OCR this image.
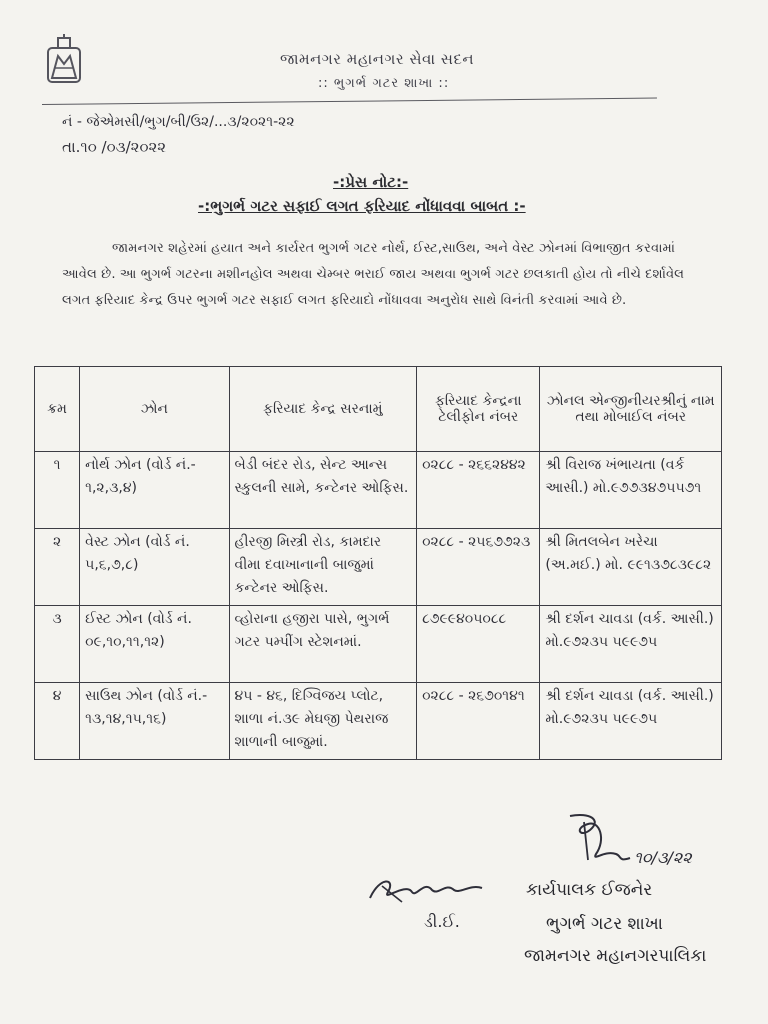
જામનગર મહાનગર સેવા સદન
:: ભુગર્ભ ગટર શાખા ::
નં - જેએમસી/ભુગ/બી/ઉ૨/...૩/૨૦૨૧-૨૨
તા.૧૦ /૦૩/૨૦૨૨
-:પ્રેસ નોટ:-
-:ભુગર્ભ ગટર સફાઈ લગત ફરિયાદ નોંધાવવા બાબત :-

જામનગર શહેરમાં હયાત અને કાર્યરત ભુગર્ભ ગટર નોર્થ, ઈસ્ટ,સાઉથ, અને વેસ્ટ ઝોનમાં વિભાજીત કરવામાં આવેલ છે. આ ભુગર્ભ ગટરના મશીનહોલ અથવા ચેમ્બર ભરાઈ જાય અથવા ભુગર્ભ ગટર છલકાતી હોય તો નીચે દર્શાવેલ લગત ફરિયાદ કેન્દ્ર ઉપર ભુગર્ભ ગટર સફાઈ લગત ફરિયાદો નોંધાવવા અનુરોધ સાથે વિનંતી કરવામાં આવે છે.

ક્રમ	ઝોન	ફરિયાદ કેન્દ્ર સરનામું	ફરિયાદ કેન્દ્રના ટેલીફોન નંબર	ઝોનલ એન્જીનીયરશ્રીનું નામ તથા મોબાઈલ નંબર
૧	નોર્થ ઝોન (વોર્ડ નં.- ૧,૨,૩,૪)	બેડી બંદર રોડ, સેન્ટ આન્સ સ્કુલની સામે, કન્ટેનર ઓફિસ.	૦૨૮૮ - ૨૬૬૨૪૪૨	શ્રી વિરાજ ખંભાયતા (વર્ક આસી.) મો.૯૭૭૩૪૭૫૫૭૧
૨	વેસ્ટ ઝોન (વોર્ડ નં. ૫,૬,૭,૮)	હીરજી મિસ્ત્રી રોડ, કામદાર વીમા દવાખાનાની બાજુમાં કન્ટેનર ઓફિસ.	૦૨૮૮ - ૨૫૬૭૭૨૩	શ્રી મિતલબેન ખરેચા (અ.મઈ.) મો. ૯૯૧૩૭૮૩૯૮૨
૩	ઈસ્ટ ઝોન (વોર્ડ નં. ૦૯,૧૦,૧૧,૧૨)	વ્હોરાના હજીરા પાસે, ભુગર્ભ ગટર પમ્પીંગ સ્ટેશનમાં.	૮૭૯૯૪૦૫૦૮૮	શ્રી દર્શન ચાવડા (વર્ક. આસી.) મો.૯૭૨૩૫ ૫૯૯૭૫
૪	સાઉથ ઝોન (વોર્ડ નં.- ૧૩,૧૪,૧૫,૧૬)	૪૫ - ૪૬, દિગ્વિજય પ્લોટ, શાળા નં.૩૯ મેઘજી પેથરાજ શાળાની બાજુમાં.	૦૨૮૮ - ૨૬૭૦૧૪૧	શ્રી દર્શન ચાવડા (વર્ક. આસી.) મો.૯૭૨૩૫ ૫૯૯૭૫
૧૦/૩/૨૨
ડી.ઈ.
કાર્યપાલક ઈજનેર
ભુગર્ભ ગટર શાખા
જામનગર મહાનગરપાલિકા
